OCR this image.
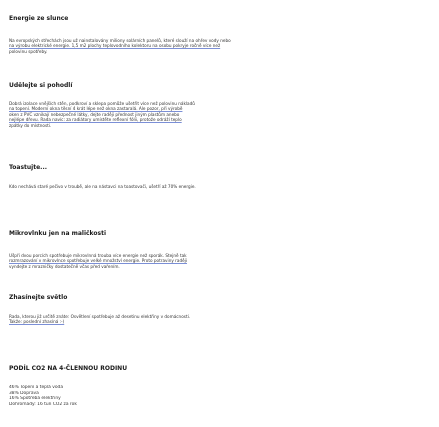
Energie ze slunce
Na evropských střechách jsou už nainstalovány miliony solárních panelů, které slouží na ohřev vody nebo
na výrobu elektrické energie. 1,5 m2 plochy teplovodního kolektoru na osobu pokryje ročně více než
polovinu spotřeby.
Udělejte si pohodlí
Dobrá izolace vnějších stěn, podkroví a sklepa pomůže ušetřit více než polovinu nákladů
na topení. Moderní okna těsní 4 krát lépe než okna zastaralá. Ale pozor, při výrobě
oken z PVC vznikají nebezpečné látky, dejte raději přednost jiným plastům anebo
nejlépe dřevu. Rada navíc: za radiátory umístěte reflexní fólii, protože odráží teplo
zpátky do místnosti.
Toastujte...
Kdo nechává staré pečivo v troubě, ale na nástavci na toastovači, ušetří až 70% energie.
Mikrovlnku jen na maličkosti
Ušpři dvou porcích spotřebuje mikrovlnná trouba více energie než sporák. Stejně tak
rozmrazování v mikrovlnce spotřebuje velké množství energie. Proto potraviny raději
vyndejte z mrazničky dostatečně včas před vařením.
Zhasínejte světlo
Rada, kterou již určitě znáte: Osvětlení spotřebuje až desetinu elektřiny v domácnosti.
Takže: poslední zhasíná :-)
PODÍL CO2 NA 4-ČLENNOU RODINU
46% Topení a teplá voda
38% Doprava
16% Spotřeba elektřiny
Dohromady: 16 tun CO2 za rok
